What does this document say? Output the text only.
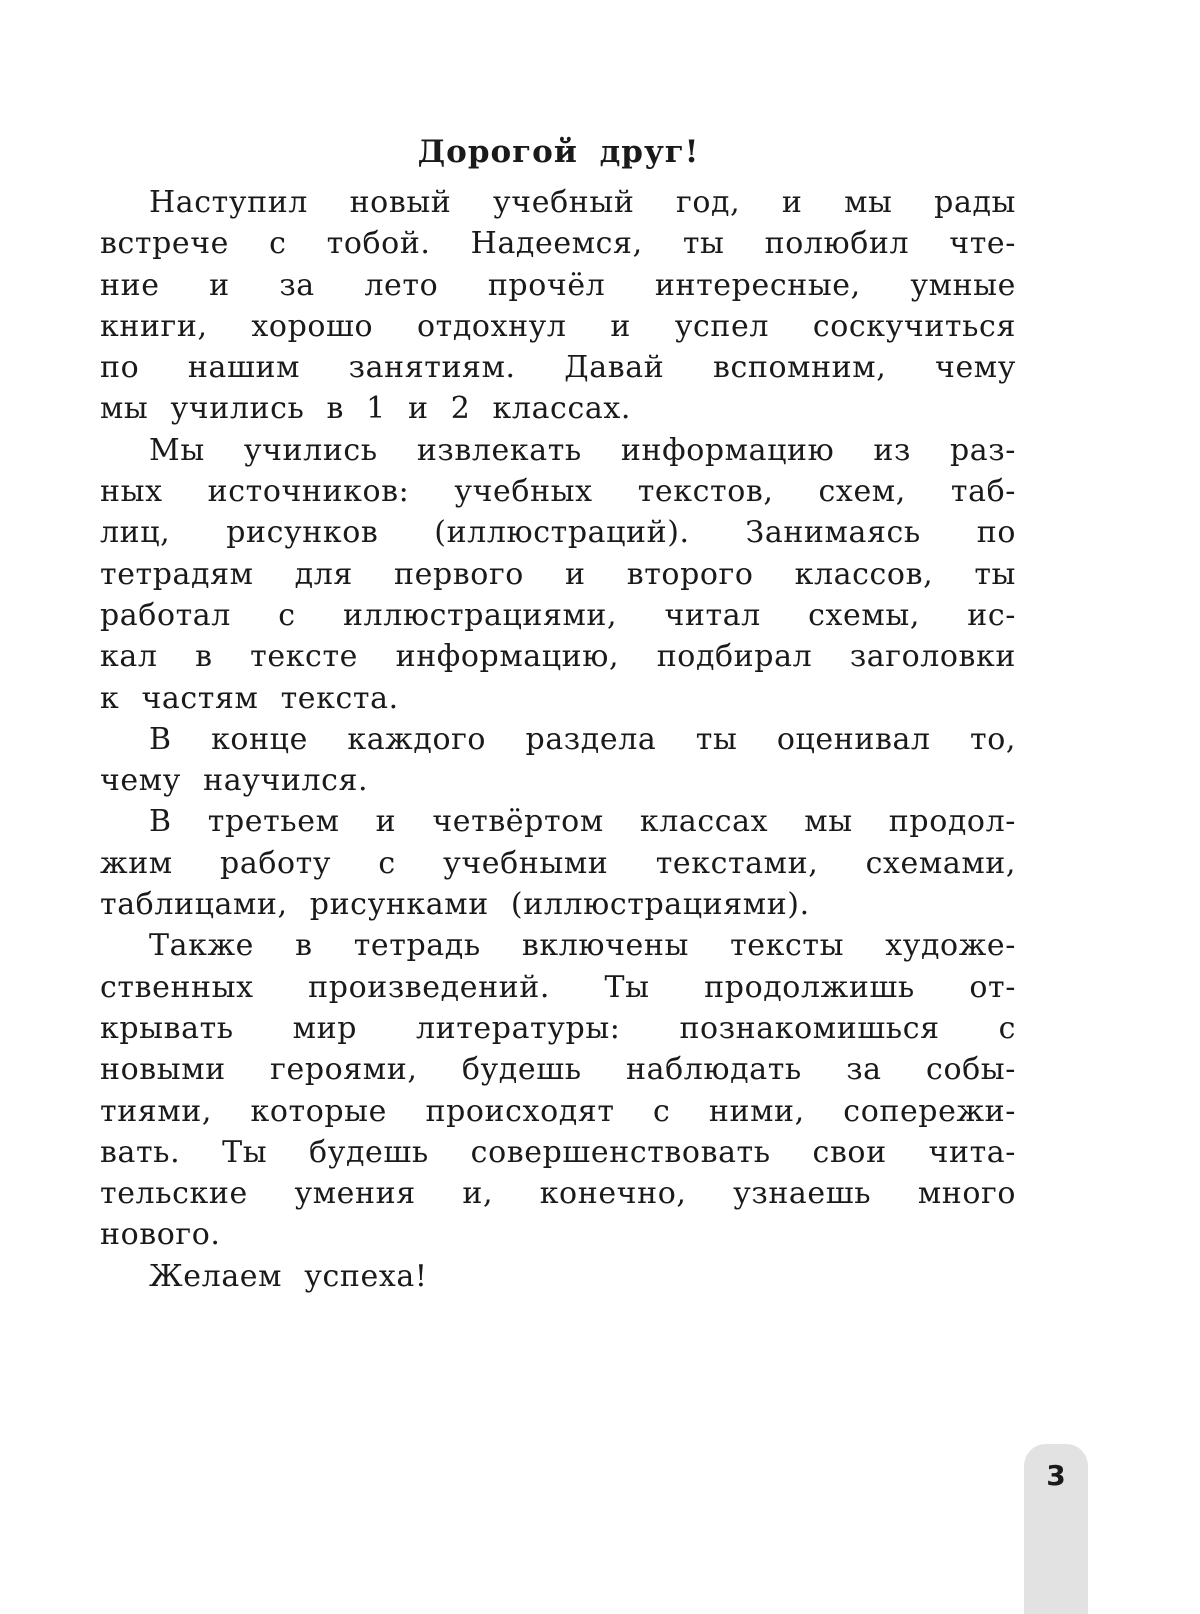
Дорогой друг!
Наступил новый учебный год, и мы рады
встрече с тобой. Надеемся, ты полюбил чте-
ние и за лето прочёл интересные, умные
книги, хорошо отдохнул и успел соскучиться
по нашим занятиям. Давай вспомним, чему
мы учились в 1 и 2 классах.
Мы учились извлекать информацию из раз-
ных источников: учебных текстов, схем, таб-
лиц, рисунков (иллюстраций). Занимаясь по
тетрадям для первого и второго классов, ты
работал с иллюстрациями, читал схемы, ис-
кал в тексте информацию, подбирал заголовки
к частям текста.
В конце каждого раздела ты оценивал то,
чему научился.
В третьем и четвёртом классах мы продол-
жим работу с учебными текстами, схемами,
таблицами, рисунками (иллюстрациями).
Также в тетрадь включены тексты художе-
ственных произведений. Ты продолжишь от-
крывать мир литературы: познакомишься с
новыми героями, будешь наблюдать за собы-
тиями, которые происходят с ними, сопережи-
вать. Ты будешь совершенствовать свои чита-
тельские умения и, конечно, узнаешь много
нового.
Желаем успеха!
3
